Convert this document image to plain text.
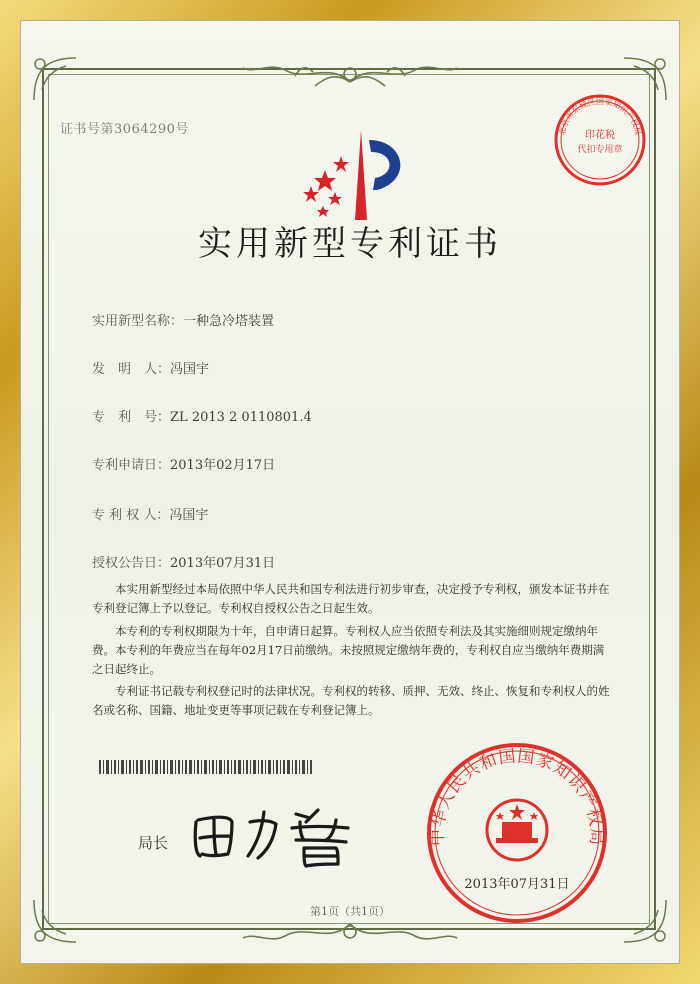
证书号第3064290号	印花税
代扣专用章
北京市东城区国家知识产权局
实用新型专利证书
实用新型名称：一种急冷塔装置
发　明　人：冯国宇
专　利　号：ZL 2013 2 0110801.4
专利申请日：2013年02月17日
专 利 权 人：冯国宇
授权公告日：2013年07月31日

本实用新型经过本局依照中华人民共和国专利法进行初步审查，决定授予专利权，颁发本证书并在专利登记簿上予以登记。专利权自授权公告之日起生效。

本专利的专利权期限为十年，自申请日起算。专利权人应当依照专利法及其实施细则规定缴纳年费。本专利的年费应当在每年02月17日前缴纳。未按照规定缴纳年费的，专利权自应当缴纳年费期满之日起终止。

专利证书记载专利权登记时的法律状况。专利权的转移、质押、无效、终止、恢复和专利权人的姓名或名称、国籍、地址变更等事项记载在专利登记簿上。

局长	中华人民共和国国家知识产权局
2013年07月31日
第1页（共1页）
